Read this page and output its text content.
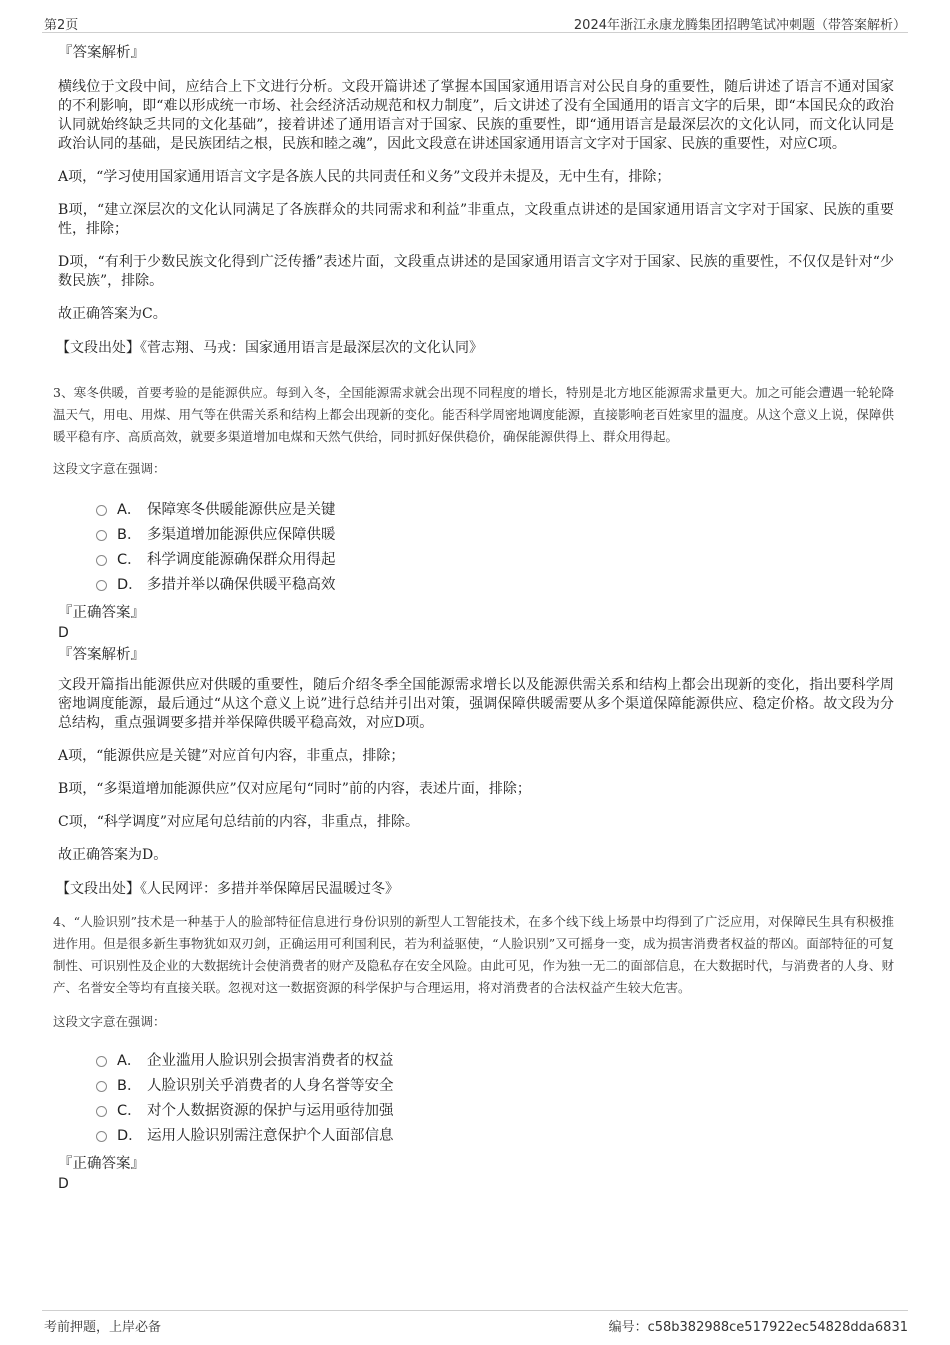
第2页	2024年浙江永康龙腾集团招聘笔试冲刺题（带答案解析）
『答案解析』

横线位于文段中间，应结合上下文进行分析。文段开篇讲述了掌握本国国家通用语言对公民自身的重要性，随后讲述了语言不通对国家的不利影响，即“难以形成统一市场、社会经济活动规范和权力制度”，后文讲述了没有全国通用的语言文字的后果，即“本国民众的政治认同就始终缺乏共同的文化基础”，接着讲述了通用语言对于国家、民族的重要性，即“通用语言是最深层次的文化认同，而文化认同是政治认同的基础，是民族团结之根，民族和睦之魂”，因此文段意在讲述国家通用语言文字对于国家、民族的重要性，对应C项。

A项，“学习使用国家通用语言文字是各族人民的共同责任和义务”文段并未提及，无中生有，排除；

B项，“建立深层次的文化认同满足了各族群众的共同需求和利益”非重点，文段重点讲述的是国家通用语言文字对于国家、民族的重要性，排除；

D项，“有利于少数民族文化得到广泛传播”表述片面，文段重点讲述的是国家通用语言文字对于国家、民族的重要性，不仅仅是针对“少数民族”，排除。

故正确答案为C。

【文段出处】《菅志翔、马戎：国家通用语言是最深层次的文化认同》

3、寒冬供暖，首要考验的是能源供应。每到入冬，全国能源需求就会出现不同程度的增长，特别是北方地区能源需求量更大。加之可能会遭遇一轮轮降温天气，用电、用煤、用气等在供需关系和结构上都会出现新的变化。能否科学周密地调度能源，直接影响老百姓家里的温度。从这个意义上说，保障供暖平稳有序、高质高效，就要多渠道增加电煤和天然气供给，同时抓好保供稳价，确保能源供得上、群众用得起。

这段文字意在强调：

A． 保障寒冬供暖能源供应是关键
B． 多渠道增加能源供应保障供暖
C． 科学调度能源确保群众用得起
D． 多措并举以确保供暖平稳高效
『正确答案』
D
『答案解析』

文段开篇指出能源供应对供暖的重要性，随后介绍冬季全国能源需求增长以及能源供需关系和结构上都会出现新的变化，指出要科学周密地调度能源，最后通过“从这个意义上说”进行总结并引出对策，强调保障供暖需要从多个渠道保障能源供应、稳定价格。故文段为分总结构，重点强调要多措并举保障供暖平稳高效，对应D项。

A项，“能源供应是关键”对应首句内容，非重点，排除；

B项，“多渠道增加能源供应”仅对应尾句“同时”前的内容，表述片面，排除；

C项，“科学调度”对应尾句总结前的内容，非重点，排除。

故正确答案为D。

【文段出处】《人民网评：多措并举保障居民温暖过冬》

4、“人脸识别”技术是一种基于人的脸部特征信息进行身份识别的新型人工智能技术，在多个线下线上场景中均得到了广泛应用，对保障民生具有积极推进作用。但是很多新生事物犹如双刃剑，正确运用可利国利民，若为利益驱使，“人脸识别”又可摇身一变，成为损害消费者权益的帮凶。面部特征的可复制性、可识别性及企业的大数据统计会使消费者的财产及隐私存在安全风险。由此可见，作为独一无二的面部信息，在大数据时代，与消费者的人身、财产、名誉安全等均有直接关联。忽视对这一数据资源的科学保护与合理运用，将对消费者的合法权益产生较大危害。

这段文字意在强调：

A． 企业滥用人脸识别会损害消费者的权益
B． 人脸识别关乎消费者的人身名誉等安全
C． 对个人数据资源的保护与运用亟待加强
D． 运用人脸识别需注意保护个人面部信息
『正确答案』
D
考前押题，上岸必备	编号：c58b382988ce517922ec54828dda6831
